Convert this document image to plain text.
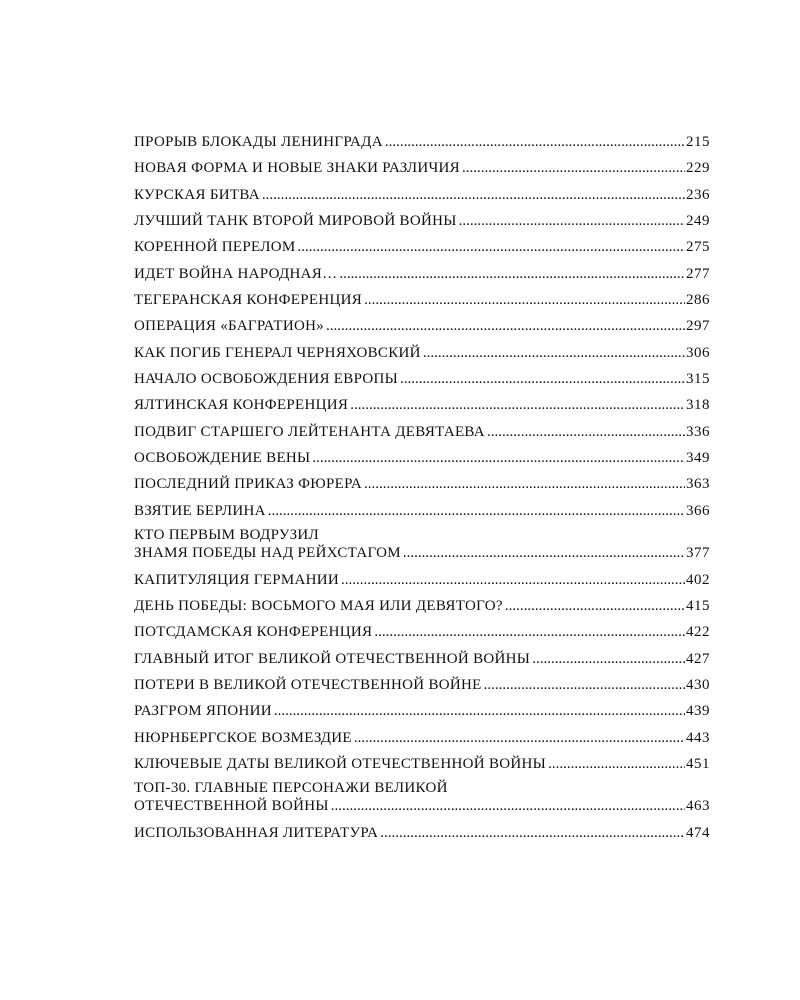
ПРОРЫВ БЛОКАДЫ ЛЕНИНГРАДА .....	215
НОВАЯ ФОРМА И НОВЫЕ ЗНАКИ РАЗЛИЧИЯ .....	229
КУРСКАЯ БИТВА .....	236
ЛУЧШИЙ ТАНК ВТОРОЙ МИРОВОЙ ВОЙНЫ .....	249
КОРЕННОЙ ПЕРЕЛОМ .....	275
ИДЕТ ВОЙНА НАРОДНАЯ… .....	277
ТЕГЕРАНСКАЯ КОНФЕРЕНЦИЯ .....	286
ОПЕРАЦИЯ «БАГРАТИОН» .....	297
КАК ПОГИБ ГЕНЕРАЛ ЧЕРНЯХОВСКИЙ .....	306
НАЧАЛО ОСВОБОЖДЕНИЯ ЕВРОПЫ .....	315
ЯЛТИНСКАЯ КОНФЕРЕНЦИЯ .....	318
ПОДВИГ СТАРШЕГО ЛЕЙТЕНАНТА ДЕВЯТАЕВА .....	336
ОСВОБОЖДЕНИЕ ВЕНЫ .....	349
ПОСЛЕДНИЙ ПРИКАЗ ФЮРЕРА .....	363
ВЗЯТИЕ БЕРЛИНА .....	366
КТО ПЕРВЫМ ВОДРУЗИЛ
ЗНАМЯ ПОБЕДЫ НАД РЕЙХСТАГОМ .....	377
КАПИТУЛЯЦИЯ ГЕРМАНИИ .....	402
ДЕНЬ ПОБЕДЫ: ВОСЬМОГО МАЯ ИЛИ ДЕВЯТОГО? .....	415
ПОТСДАМСКАЯ КОНФЕРЕНЦИЯ .....	422
ГЛАВНЫЙ ИТОГ ВЕЛИКОЙ ОТЕЧЕСТВЕННОЙ ВОЙНЫ .....	427
ПОТЕРИ В ВЕЛИКОЙ ОТЕЧЕСТВЕННОЙ ВОЙНЕ .....	430
РАЗГРОМ ЯПОНИИ .....	439
НЮРНБЕРГСКОЕ ВОЗМЕЗДИЕ .....	443
КЛЮЧЕВЫЕ ДАТЫ ВЕЛИКОЙ ОТЕЧЕСТВЕННОЙ ВОЙНЫ .....	451
ТОП-30. ГЛАВНЫЕ ПЕРСОНАЖИ ВЕЛИКОЙ
ОТЕЧЕСТВЕННОЙ ВОЙНЫ .....	463
ИСПОЛЬЗОВАННАЯ ЛИТЕРАТУРА .....	474
